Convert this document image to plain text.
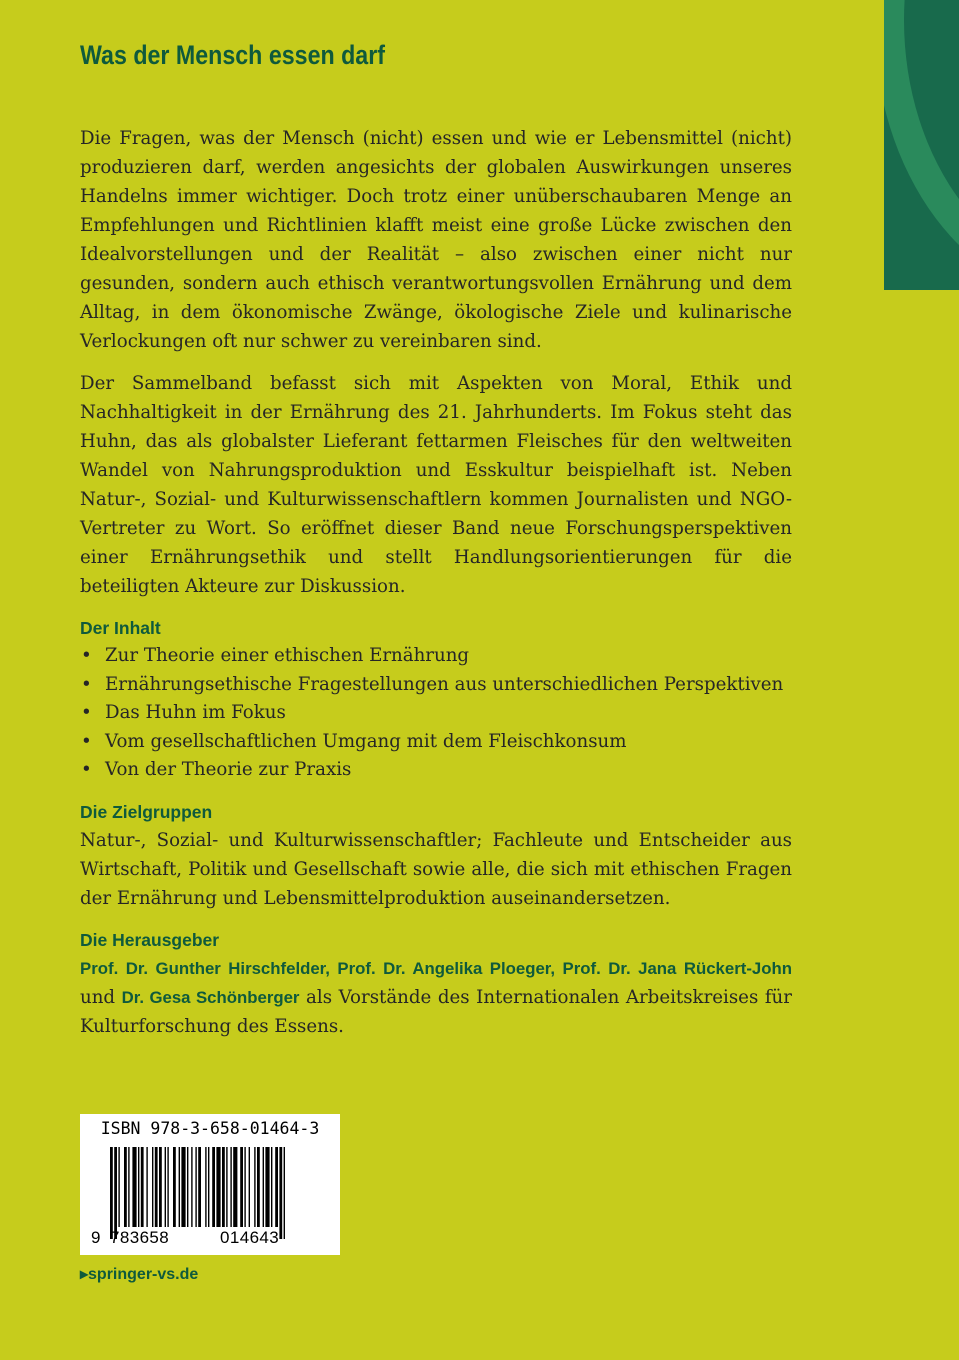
Was der Mensch essen darf

Die Fragen, was der Mensch (nicht) essen und wie er Lebensmittel (nicht) produzieren darf, werden angesichts der globalen Auswirkungen unseres Handelns immer wichtiger. Doch trotz einer unüberschaubaren Menge an Empfehlungen und Richtlinien klafft meist eine große Lücke zwischen den Idealvorstellungen und der Realität – also zwischen einer nicht nur gesunden, sondern auch ethisch verantwortungsvollen Ernährung und dem Alltag, in dem ökonomische Zwänge, ökologische Ziele und kulinarische Verlockungen oft nur schwer zu vereinbaren sind.

Der Sammelband befasst sich mit Aspekten von Moral, Ethik und Nachhaltigkeit in der Ernährung des 21. Jahrhunderts. Im Fokus steht das Huhn, das als globalster Lieferant fettarmen Fleisches für den weltweiten Wandel von Nahrungsproduktion und Esskultur beispielhaft ist. Neben Natur-, Sozial- und Kulturwissenschaftlern kommen Journalisten und NGO-Vertreter zu Wort. So eröffnet dieser Band neue Forschungsperspektiven einer Ernährungsethik und stellt Handlungsorientierungen für die beteiligten Akteure zur Diskussion.

Der Inhalt
• Zur Theorie einer ethischen Ernährung
• Ernährungsethische Fragestellungen aus unterschiedlichen Perspektiven
• Das Huhn im Fokus
• Vom gesellschaftlichen Umgang mit dem Fleischkonsum
• Von der Theorie zur Praxis
Die Zielgruppen

Natur-, Sozial- und Kulturwissenschaftler; Fachleute und Entscheider aus Wirtschaft, Politik und Gesellschaft sowie alle, die sich mit ethischen Fragen der Ernährung und Lebensmittelproduktion auseinandersetzen.

Die Herausgeber

Prof. Dr. Gunther Hirschfelder, Prof. Dr. Angelika Ploeger, Prof. Dr. Jana Rückert-John und Dr. Gesa Schönberger als Vorstände des Internationalen Arbeitskreises für Kulturforschung des Essens.

ISBN 978-3-658-01464-3
9 783658	014643
▸springer-vs.de
